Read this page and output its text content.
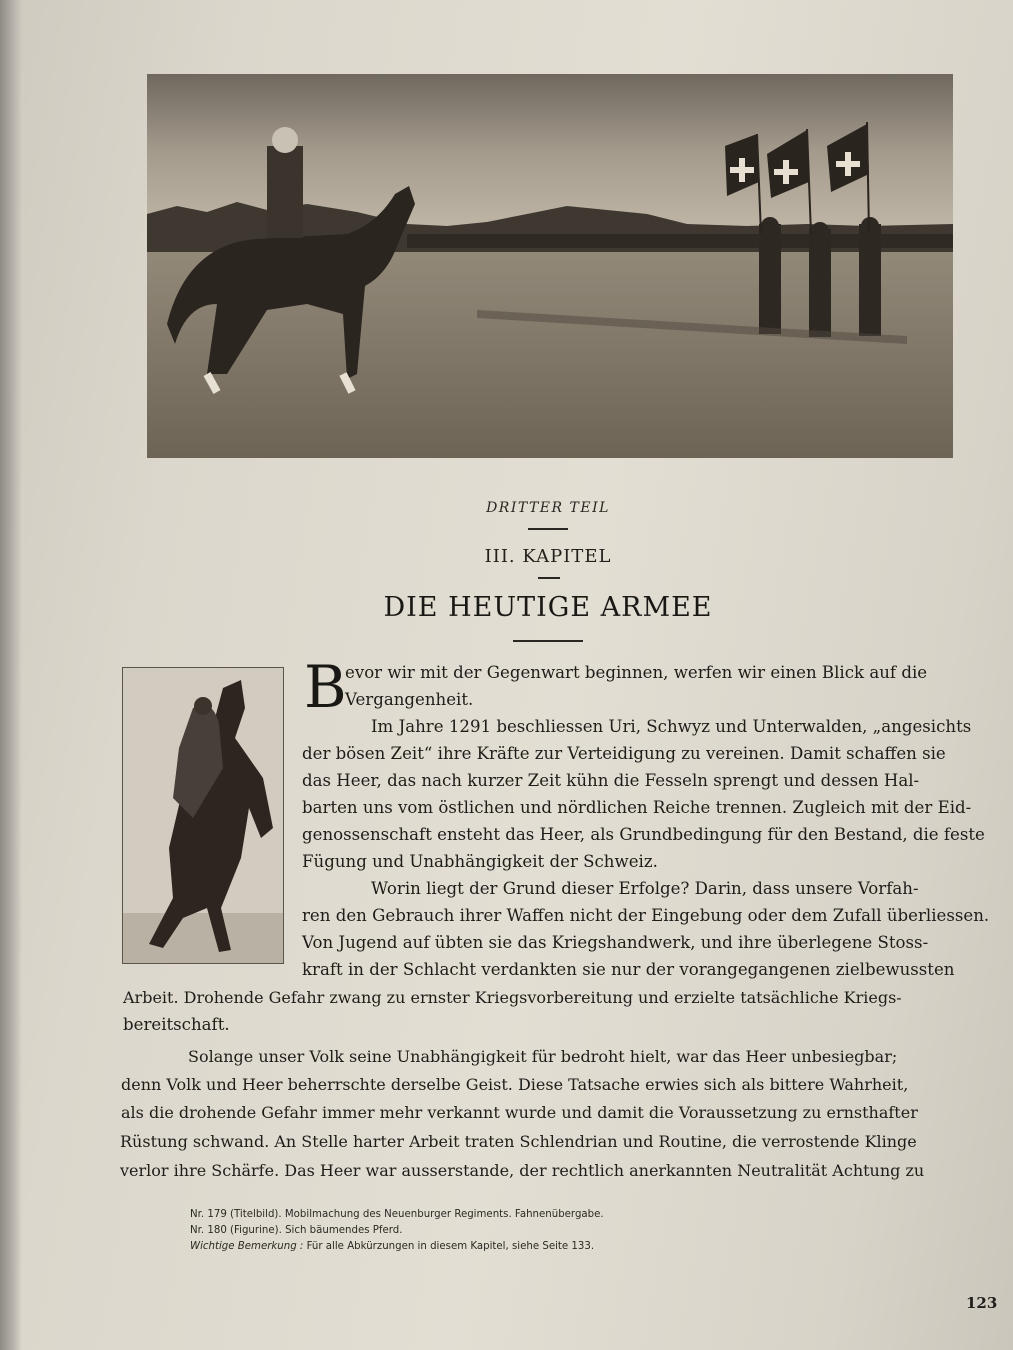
DRITTER TEIL
III. KAPITEL
DIE HEUTIGE ARMEE
B
evor wir mit der Gegenwart beginnen, werfen wir einen Blick auf die
Vergangenheit.
Im Jahre 1291 beschliessen Uri, Schwyz und Unterwalden, „angesichts
der bösen Zeit“ ihre Kräfte zur Verteidigung zu vereinen. Damit schaffen sie
das Heer, das nach kurzer Zeit kühn die Fesseln sprengt und dessen Hal-
barten uns vom östlichen und nördlichen Reiche trennen. Zugleich mit der Eid-
genossenschaft ensteht das Heer, als Grundbedingung für den Bestand, die feste
Fügung und Unabhängigkeit der Schweiz.
Worin liegt der Grund dieser Erfolge? Darin, dass unsere Vorfah-
ren den Gebrauch ihrer Waffen nicht der Eingebung oder dem Zufall überliessen.
Von Jugend auf übten sie das Kriegshandwerk, und ihre überlegene Stoss-
kraft in der Schlacht verdankten sie nur der vorangegangenen zielbewussten
Arbeit. Drohende Gefahr zwang zu ernster Kriegsvorbereitung und erzielte tatsächliche Kriegs-
bereitschaft.
Solange unser Volk seine Unabhängigkeit für bedroht hielt, war das Heer unbesiegbar;
denn Volk und Heer beherrschte derselbe Geist. Diese Tatsache erwies sich als bittere Wahrheit,
als die drohende Gefahr immer mehr verkannt wurde und damit die Voraussetzung zu ernsthafter
Rüstung schwand. An Stelle harter Arbeit traten Schlendrian und Routine, die verrostende Klinge
verlor ihre Schärfe. Das Heer war ausserstande, der rechtlich anerkannten Neutralität Achtung zu
Nr. 179 (Titelbild). Mobilmachung des Neuenburger Regiments. Fahnenübergabe.
Nr. 180 (Figurine). Sich bäumendes Pferd.
Wichtige Bemerkung : Für alle Abkürzungen in diesem Kapitel, siehe Seite 133.
123
